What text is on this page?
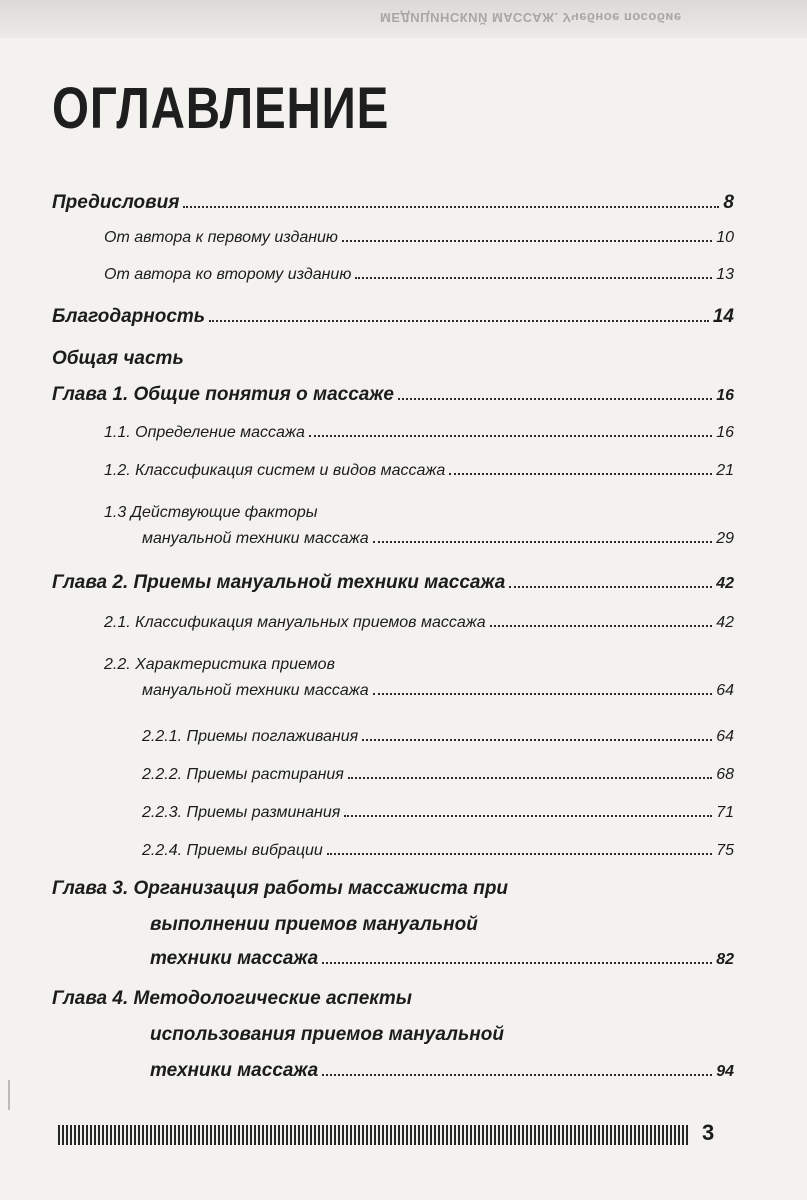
МЕДИЦИНСКИЙ МАССАЖ. Учебное пособие
ОГЛАВЛЕНИЕ
Предисловия	8
От автора к первому изданию	10
От автора ко второму изданию	13
Благодарность	14
Общая часть
Глава 1. Общие понятия о массаже	16
1.1. Определение массажа	16
1.2. Классификация систем и видов массажа	21
1.3 Действующие факторы
мануальной техники массажа	29
Глава 2. Приемы мануальной техники массажа	42
2.1. Классификация мануальных приемов массажа	42
2.2. Характеристика приемов
мануальной техники массажа	64
2.2.1. Приемы поглаживания	64
2.2.2. Приемы растирания	68
2.2.3. Приемы разминания	71
2.2.4. Приемы вибрации	75
Глава 3. Организация работы массажиста при
выполнении приемов мануальной
техники массажа	82
Глава 4. Методологические аспекты
использования приемов мануальной
техники массажа	94
3
